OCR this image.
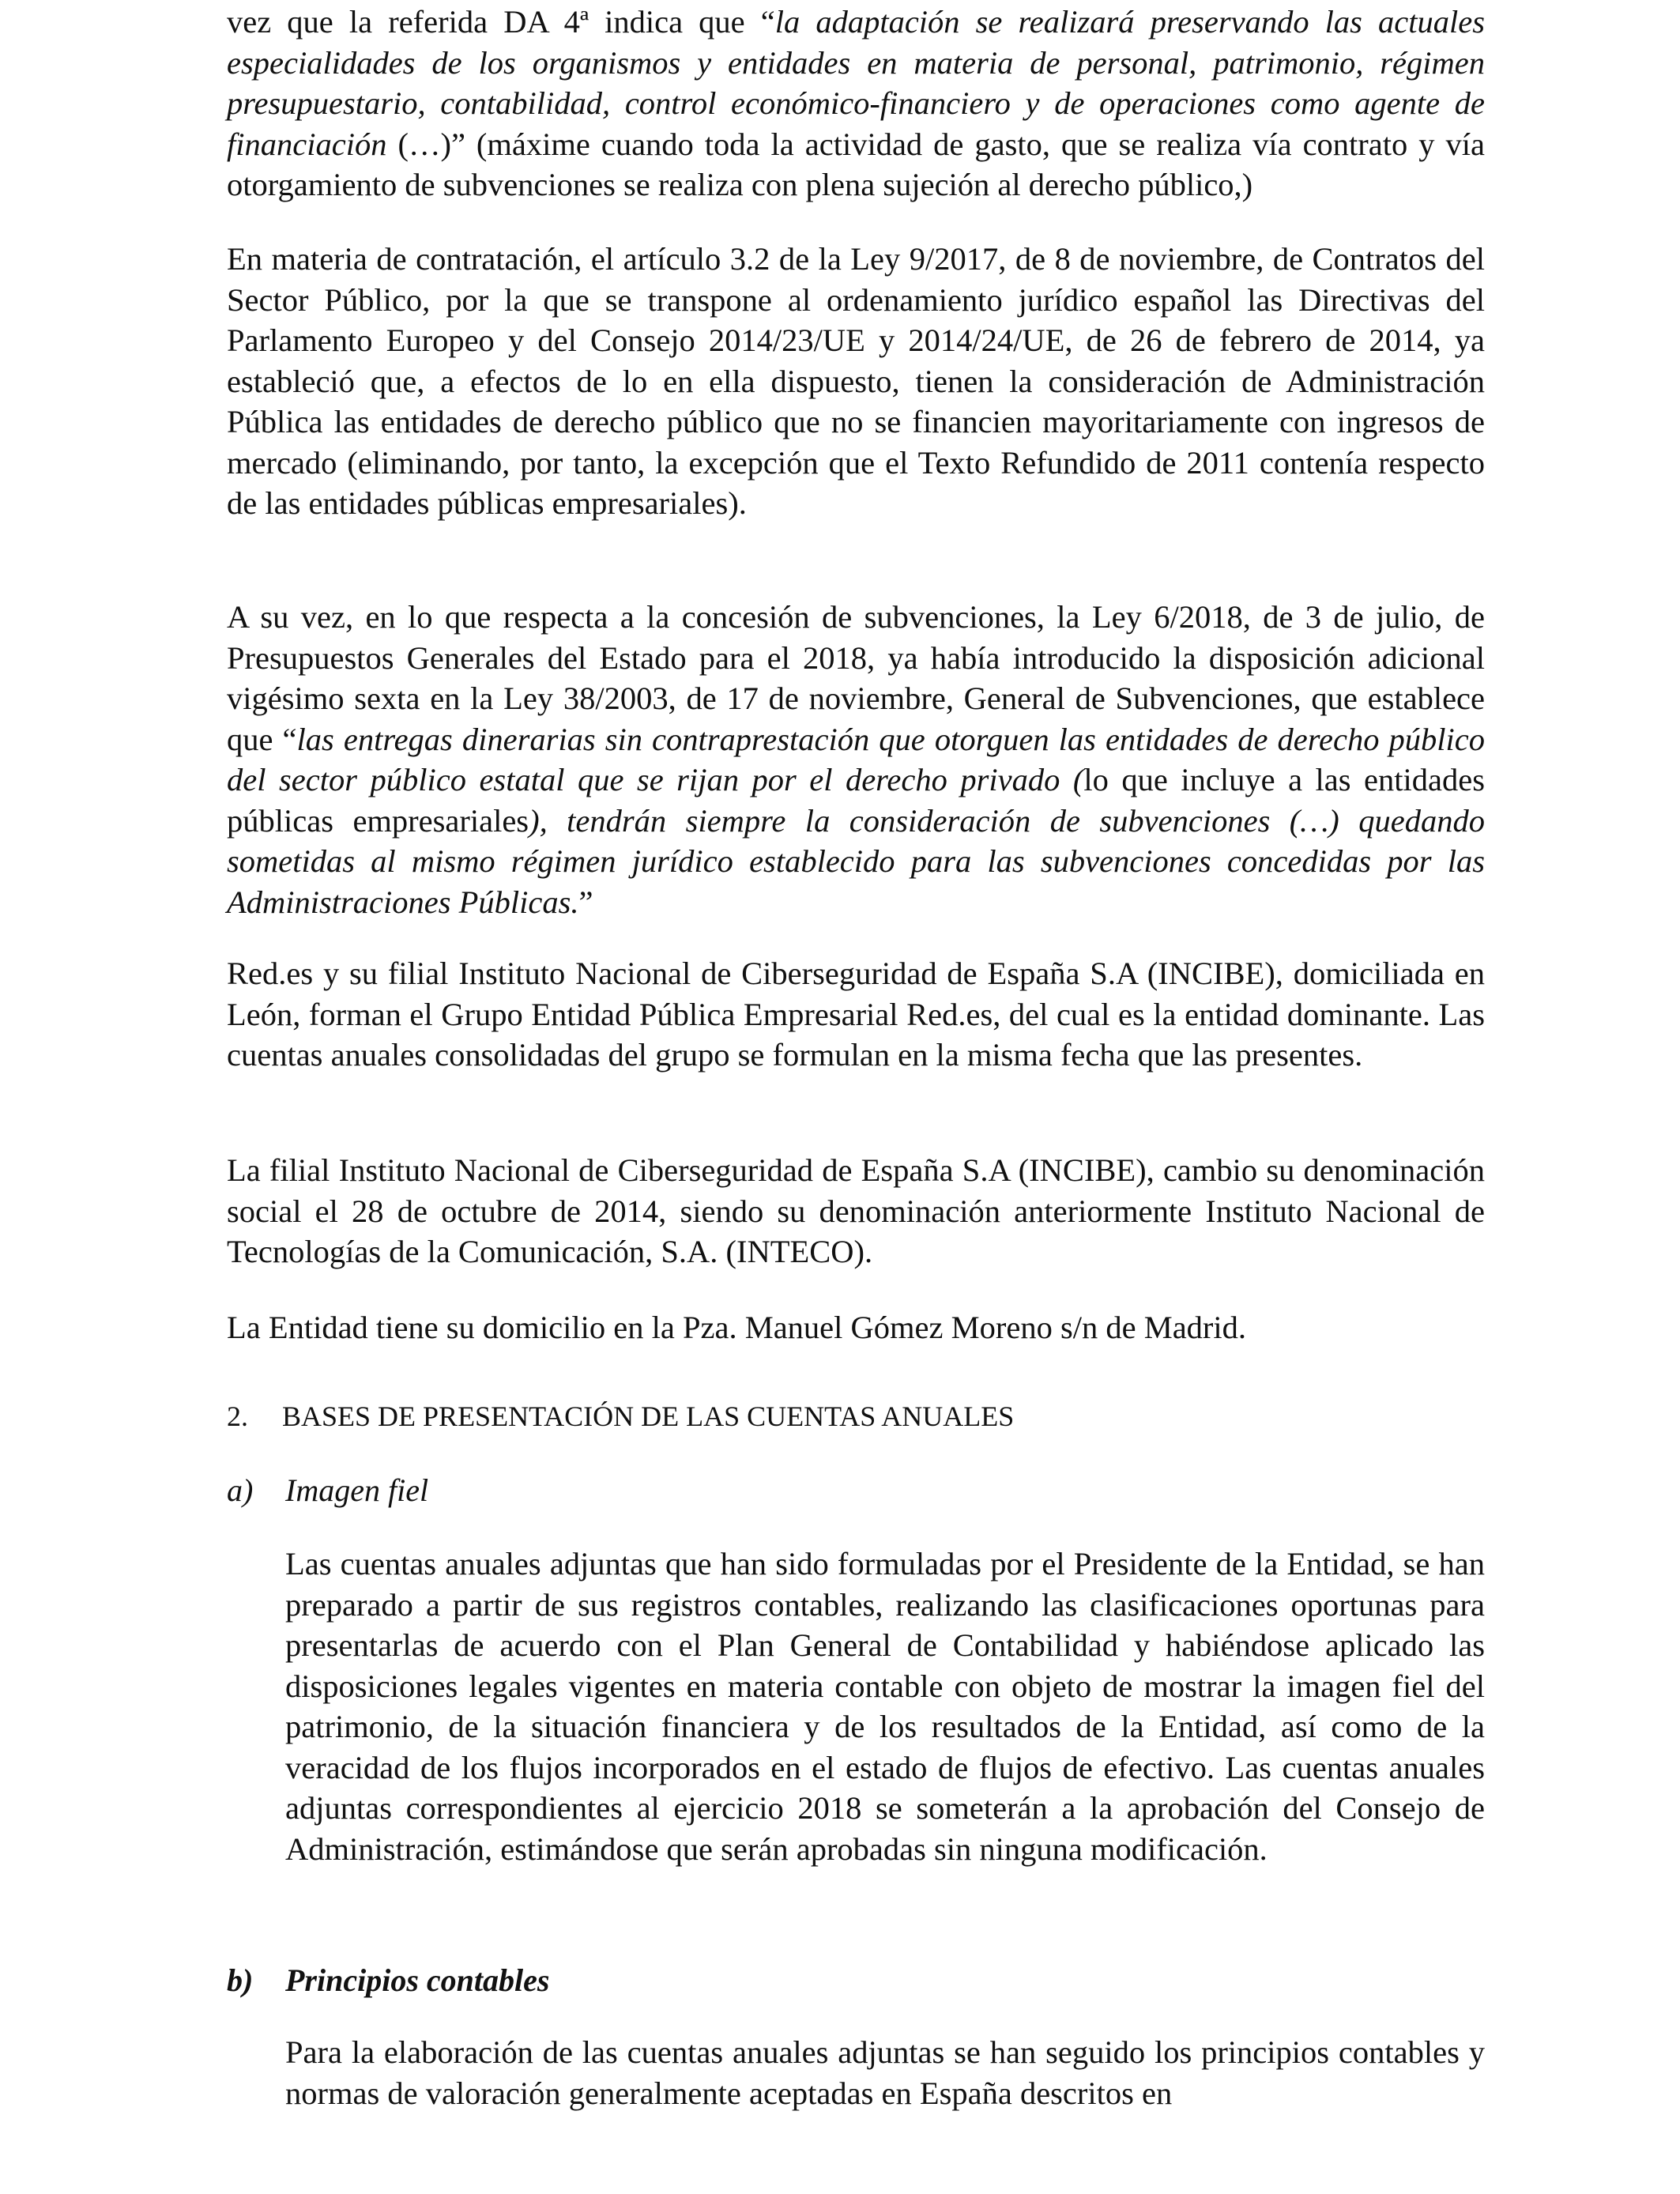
vez que la referida DA 4ª indica que “la adaptación se realizará preservando las actuales especialidades de los organismos y entidades en materia de personal, patrimonio, régimen presupuestario, contabilidad, control económico-financiero y de operaciones como agente de financiación (…)” (máxime cuando toda la actividad de gasto, que se realiza vía contrato y vía otorgamiento de subvenciones se realiza con plena sujeción al derecho público,)

En materia de contratación, el artículo 3.2 de la Ley 9/2017, de 8 de noviembre, de Contratos del Sector Público, por la que se transpone al ordenamiento jurídico español las Directivas del Parlamento Europeo y del Consejo 2014/23/UE y 2014/24/UE, de 26 de febrero de 2014, ya estableció que, a efectos de lo en ella dispuesto, tienen la consideración de Administración Pública las entidades de derecho público que no se financien mayoritariamente con ingresos de mercado (eliminando, por tanto, la excepción que el Texto Refundido de 2011 contenía respecto de las entidades públicas empresariales).

A su vez, en lo que respecta a la concesión de subvenciones, la Ley 6/2018, de 3 de julio, de Presupuestos Generales del Estado para el 2018, ya había introducido la disposición adicional vigésimo sexta en la Ley 38/2003, de 17 de noviembre, General de Subvenciones, que establece que “las entregas dinerarias sin contraprestación que otorguen las entidades de derecho público del sector público estatal que se rijan por el derecho privado (lo que incluye a las entidades públicas empresariales), tendrán siempre la consideración de subvenciones (…) quedando sometidas al mismo régimen jurídico establecido para las subvenciones concedidas por las Administraciones Públicas.”

Red.es y su filial Instituto Nacional de Ciberseguridad de España S.A (INCIBE), domiciliada en León, forman el Grupo Entidad Pública Empresarial Red.es, del cual es la entidad dominante. Las cuentas anuales consolidadas del grupo se formulan en la misma fecha que las presentes.

La filial Instituto Nacional de Ciberseguridad de España S.A (INCIBE), cambio su denominación social el 28 de octubre de 2014, siendo su denominación anteriormente Instituto Nacional de Tecnologías de la Comunicación, S.A. (INTECO).

La Entidad tiene su domicilio en la Pza. Manuel Gómez Moreno s/n de Madrid.

2. BASES DE PRESENTACIÓN DE LAS CUENTAS ANUALES
a) Imagen fiel

Las cuentas anuales adjuntas que han sido formuladas por el Presidente de la Entidad, se han preparado a partir de sus registros contables, realizando las clasificaciones oportunas para presentarlas de acuerdo con el Plan General de Contabilidad y habiéndose aplicado las disposiciones legales vigentes en materia contable con objeto de mostrar la imagen fiel del patrimonio, de la situación financiera y de los resultados de la Entidad, así como de la veracidad de los flujos incorporados en el estado de flujos de efectivo. Las cuentas anuales adjuntas correspondientes al ejercicio 2018 se someterán a la aprobación del Consejo de Administración, estimándose que serán aprobadas sin ninguna modificación.

b) Principios contables

Para la elaboración de las cuentas anuales adjuntas se han seguido los principios contables y normas de valoración generalmente aceptadas en España descritos en
